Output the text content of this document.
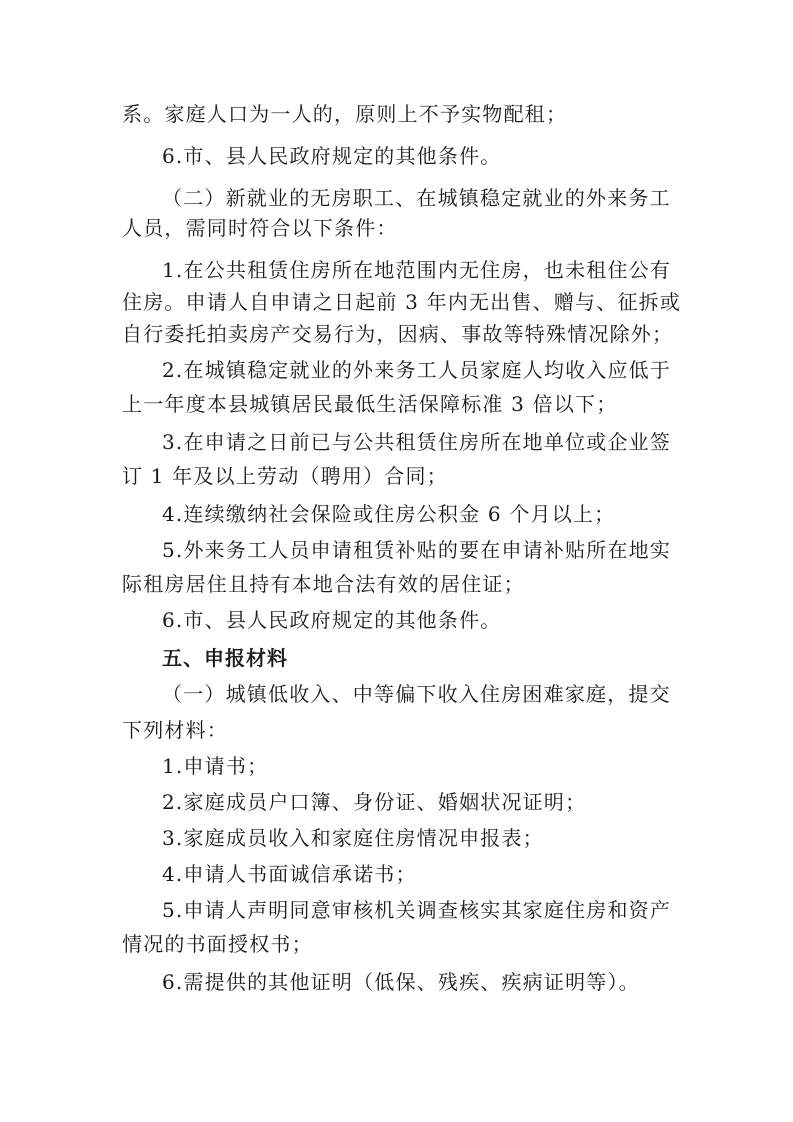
系。家庭人口为一人的，原则上不予实物配租；
6.市、县人民政府规定的其他条件。
（二）新就业的无房职工、在城镇稳定就业的外来务工
人员，需同时符合以下条件：
1.在公共租赁住房所在地范围内无住房，也未租住公有
住房。申请人自申请之日起前 3 年内无出售、赠与、征拆或
自行委托拍卖房产交易行为，因病、事故等特殊情况除外；
2.在城镇稳定就业的外来务工人员家庭人均收入应低于
上一年度本县城镇居民最低生活保障标准 3 倍以下；
3.在申请之日前已与公共租赁住房所在地单位或企业签
订 1 年及以上劳动（聘用）合同；
4.连续缴纳社会保险或住房公积金 6 个月以上；
5.外来务工人员申请租赁补贴的要在申请补贴所在地实
际租房居住且持有本地合法有效的居住证；
6.市、县人民政府规定的其他条件。
五、申报材料
（一）城镇低收入、中等偏下收入住房困难家庭，提交
下列材料：
1.申请书；
2.家庭成员户口簿、身份证、婚姻状况证明；
3.家庭成员收入和家庭住房情况申报表；
4.申请人书面诚信承诺书；
5.申请人声明同意审核机关调查核实其家庭住房和资产
情况的书面授权书；
6.需提供的其他证明（低保、残疾、疾病证明等）。
